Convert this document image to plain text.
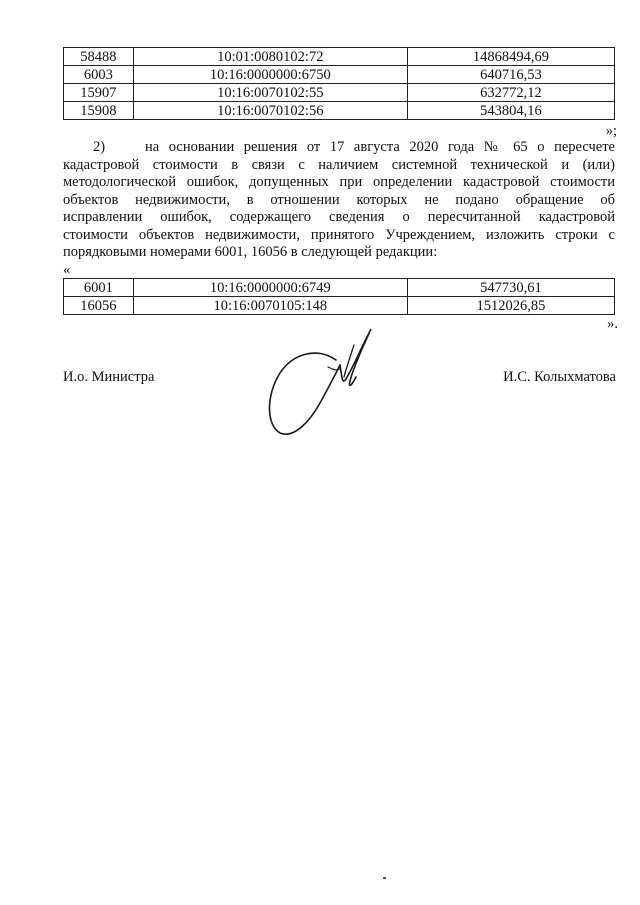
58488	10:01:0080102:72	14868494,69
6003	10:16:0000000:6750	640716,53
15907	10:16:0070102:55	632772,12
15908	10:16:0070102:56	543804,16
»;
2)	на основании решения от 17 августа 2020 года № 65 о пересчете
кадастровой стоимости в связи с наличием системной технической и (или)
методологической ошибок, допущенных при определении кадастровой стоимости
объектов недвижимости, в отношении которых не подано обращение об
исправлении ошибок, содержащего сведения о пересчитанной кадастровой
стоимости объектов недвижимости, принятого Учреждением, изложить строки с
порядковыми номерами 6001, 16056 в следующей редакции:
«
6001	10:16:0000000:6749	547730,61
16056	10:16:0070105:148	1512026,85
».
И.о. Министра	И.С. Колыхматова
